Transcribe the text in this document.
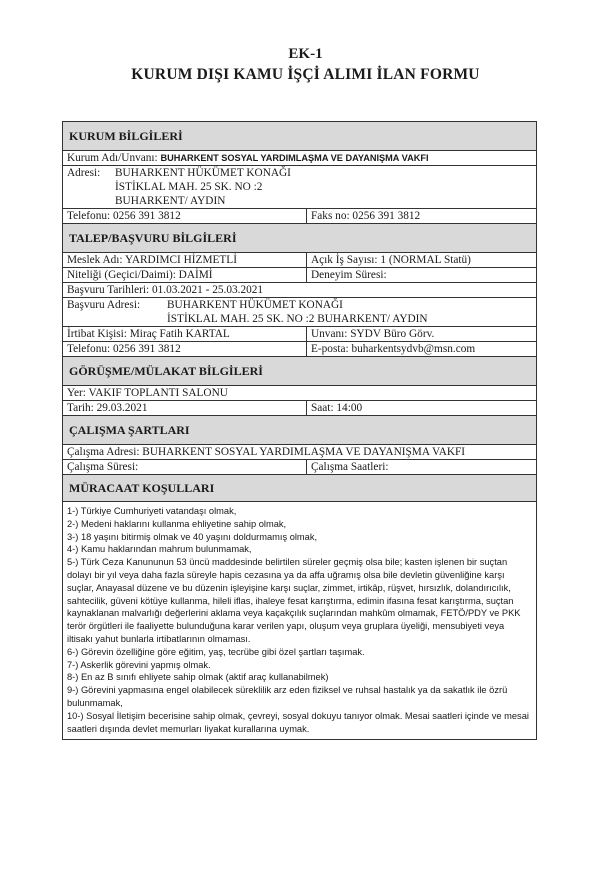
EK-1
KURUM DIŞI KAMU İŞÇİ ALIMI İLAN FORMU
KURUM BİLGİLERİ
Kurum Adı/Unvanı: BUHARKENT SOSYAL YARDIMLAŞMA VE DAYANIŞMA VAKFI
Adresi:	BUHARKENT HÜKÜMET KONAĞI
İSTİKLAL MAH. 25 SK. NO :2
BUHARKENT/ AYDIN
Telefonu: 0256 391 3812	Faks no: 0256 391 3812
TALEP/BAŞVURU BİLGİLERİ
Meslek Adı: YARDIMCI HİZMETLİ	Açık İş Sayısı: 1 (NORMAL Statü)
Niteliği (Geçici/Daimi): DAİMİ	Deneyim Süresi:
Başvuru Tarihleri: 01.03.2021 - 25.03.2021
Başvuru Adresi:	BUHARKENT HÜKÜMET KONAĞI
İSTİKLAL MAH. 25 SK. NO :2 BUHARKENT/ AYDIN
İrtibat Kişisi: Miraç Fatih KARTAL	Unvanı: SYDV Büro Görv.
Telefonu: 0256 391 3812	E-posta: buharkentsydvb@msn.com
GÖRÜŞME/MÜLAKAT BİLGİLERİ
Yer: VAKIF TOPLANTI SALONU
Tarih: 29.03.2021	Saat: 14:00
ÇALIŞMA ŞARTLARI
Çalışma Adresi: BUHARKENT SOSYAL YARDIMLAŞMA VE DAYANIŞMA VAKFI
Çalışma Süresi:	Çalışma Saatleri:
MÜRACAAT KOŞULLARI
1-) Türkiye Cumhuriyeti vatandaşı olmak,
2-) Medeni haklarını kullanma ehliyetine sahip olmak,
3-) 18 yaşını bitirmiş olmak ve 40 yaşını doldurmamış olmak,
4-) Kamu haklarından mahrum bulunmamak,
5-) Türk Ceza Kanununun 53 üncü maddesinde belirtilen süreler geçmiş olsa bile; kasten işlenen bir suçtan dolayı bir yıl veya daha fazla süreyle hapis cezasına ya da affa uğramış olsa bile devletin güvenliğine karşı suçlar, Anayasal düzene ve bu düzenin işleyişine karşı suçlar, zimmet, irtikâp, rüşvet, hırsızlık, dolandırıcılık, sahtecilik, güveni kötüye kullanma, hileli iflas, ihaleye fesat karıştırma, edimin ifasına fesat karıştırma, suçtan kaynaklanan malvarlığı değerlerini aklama veya kaçakçılık suçlarından mahkûm olmamak, FETÖ/PDY ve PKK terör örgütleri ile faaliyette bulunduğuna karar verilen yapı, oluşum veya gruplara üyeliği, mensubiyeti veya iltisakı yahut bunlarla irtibatlarının olmaması.
6-) Görevin özelliğine göre eğitim, yaş, tecrübe gibi özel şartları taşımak.
7-) Askerlik görevini yapmış olmak.
8-) En az B sınıfı ehliyete sahip olmak (aktif araç kullanabilmek)
9-) Görevini yapmasına engel olabilecek süreklilik arz eden fiziksel ve ruhsal hastalık ya da sakatlık ile özrü bulunmamak,
10-) Sosyal İletişim becerisine sahip olmak, çevreyi, sosyal dokuyu tanıyor olmak. Mesai saatleri içinde ve mesai saatleri dışında devlet memurları liyakat kurallarına uymak.
